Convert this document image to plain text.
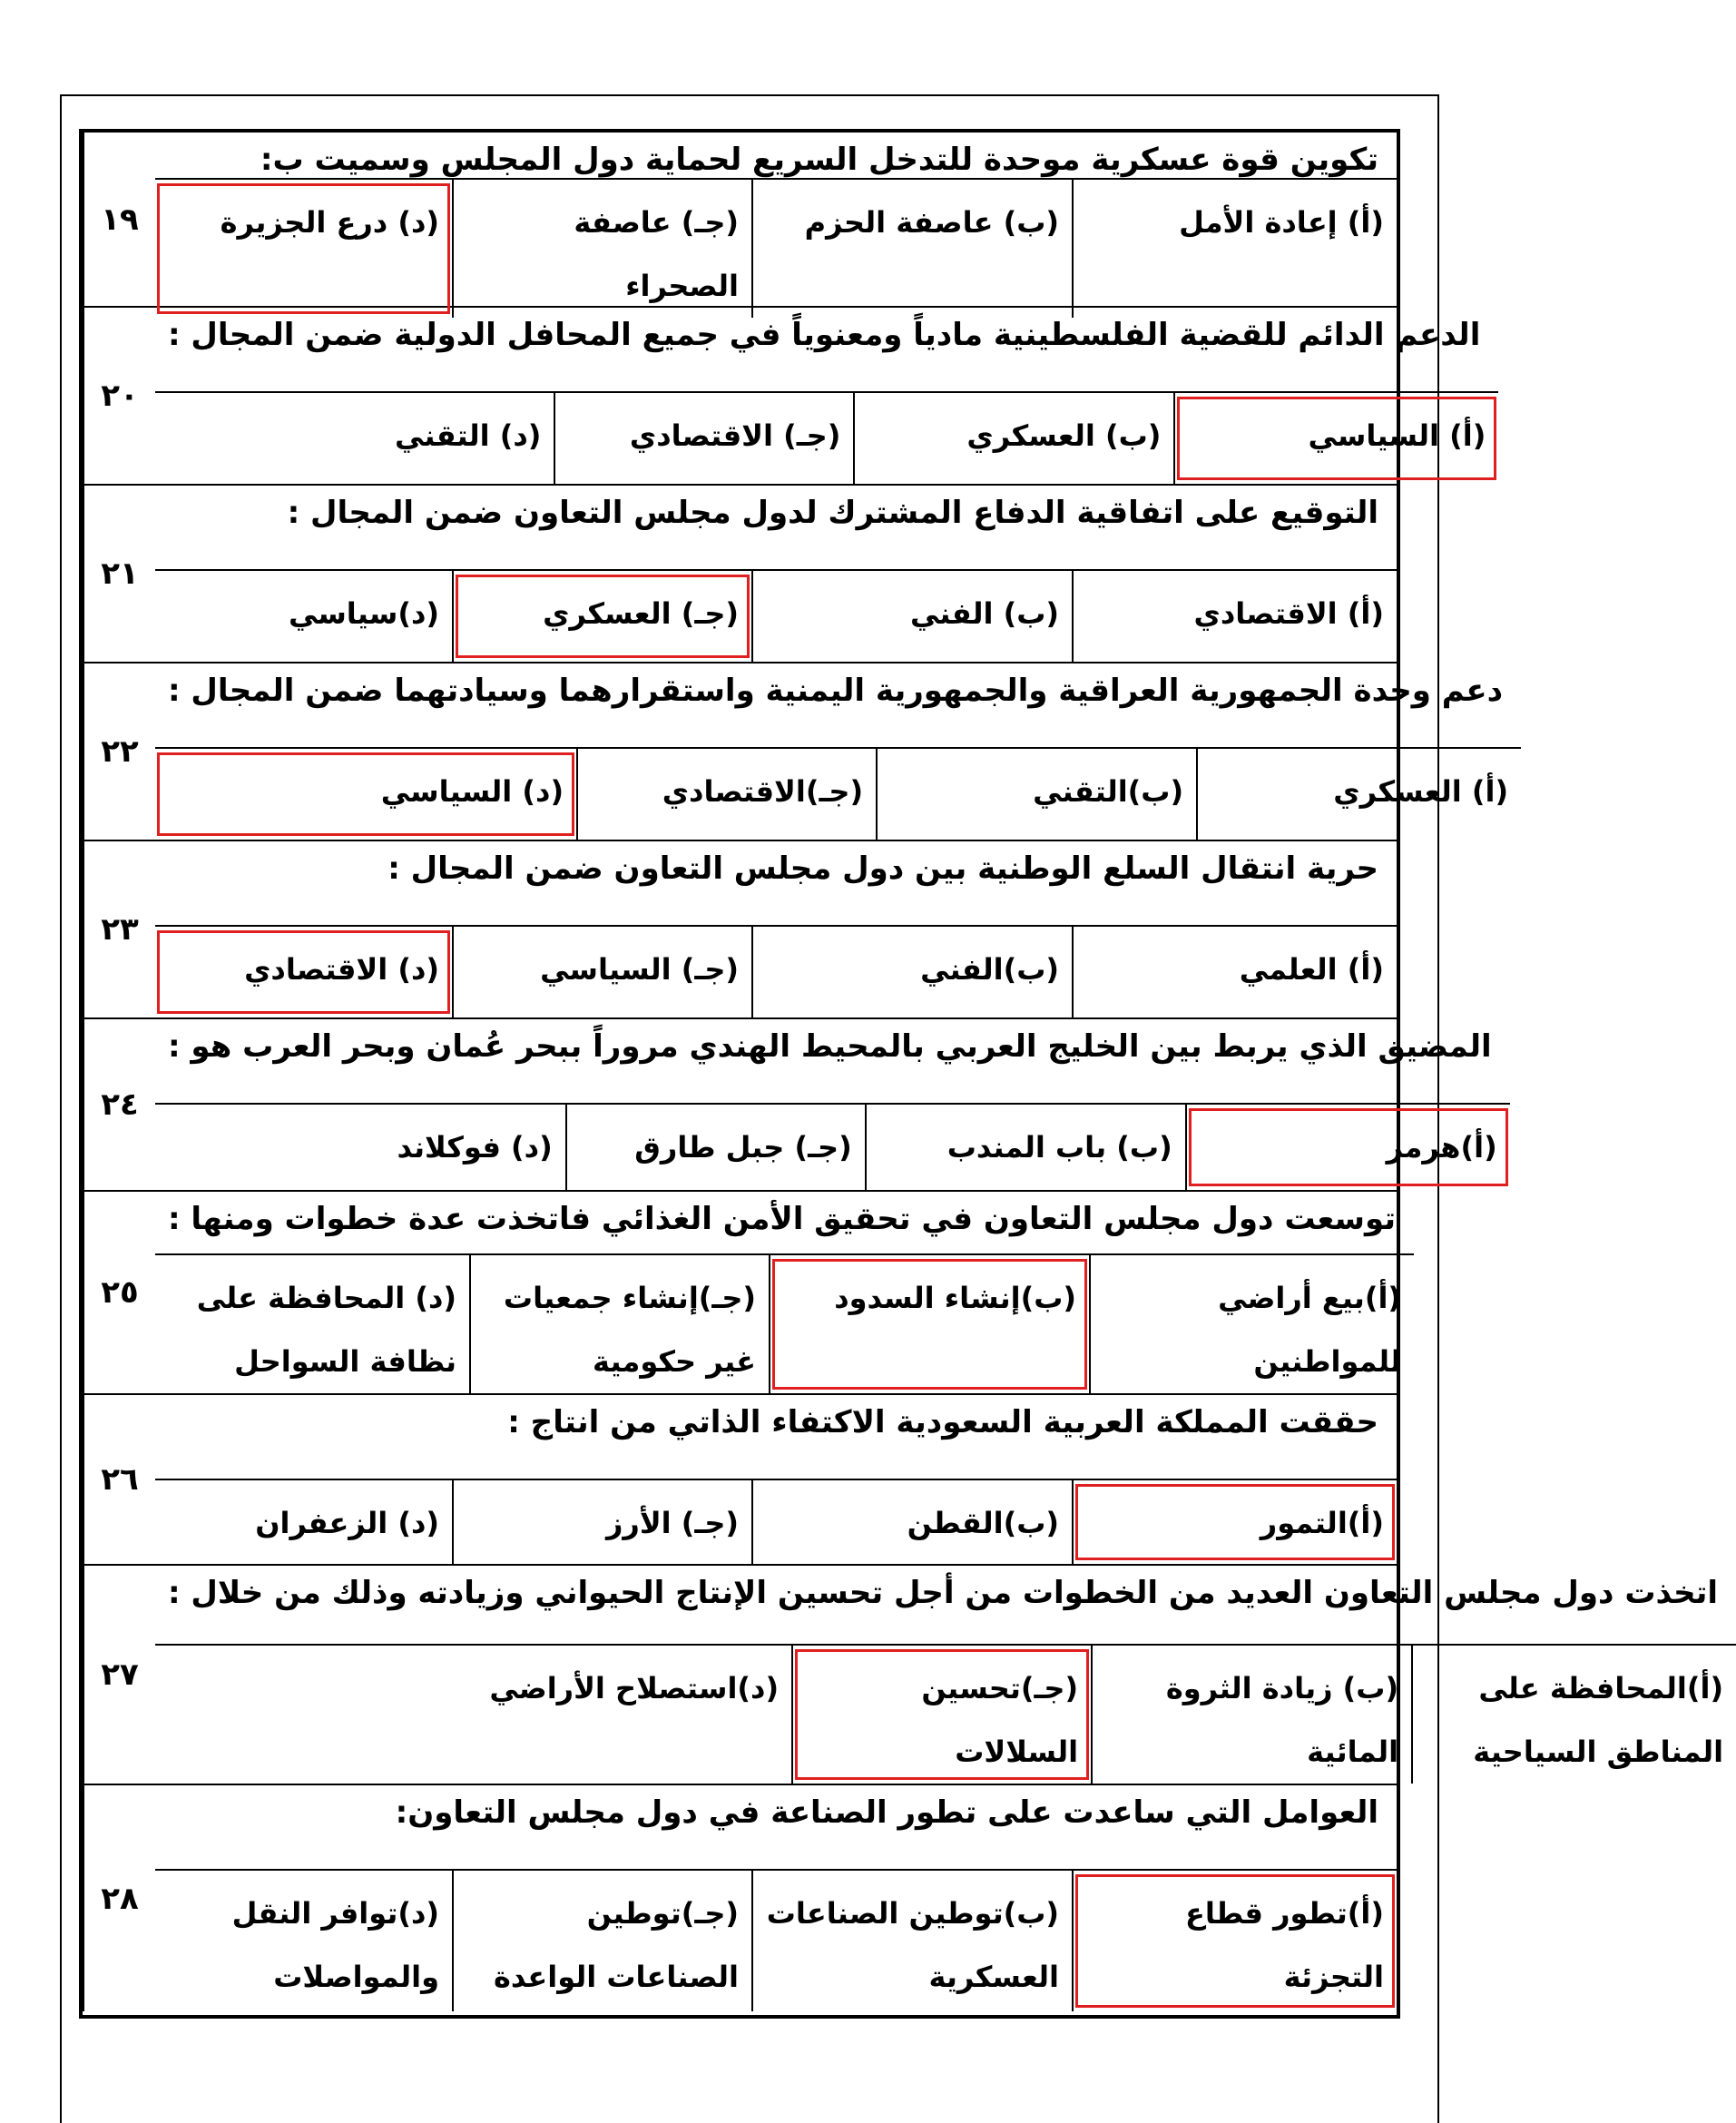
١٩
تكوين قوة عسكرية موحدة للتدخل السريع لحماية دول المجلس وسميت ب:
(أ) إعادة الأمل
(ب) عاصفة الحزم
(جـ) عاصفة الصحراء
(د) درع الجزيرة
٢٠
الدعم الدائم للقضية الفلسطينية مادياً ومعنوياً في جميع المحافل الدولية ضمن المجال :
(أ) السياسي
(ب) العسكري
(جـ) الاقتصادي
(د) التقني
٢١
التوقيع على اتفاقية الدفاع المشترك لدول مجلس التعاون ضمن المجال :
(أ) الاقتصادي
(ب) الفني
(جـ) العسكري
(د)سياسي
٢٢
دعم وحدة الجمهورية العراقية والجمهورية اليمنية واستقرارهما وسيادتهما ضمن المجال :
(أ) العسكري
(ب)التقني
(جـ)الاقتصادي
(د) السياسي
٢٣
حرية انتقال السلع الوطنية بين دول مجلس التعاون ضمن المجال :
(أ) العلمي
(ب)الفني
(جـ) السياسي
(د) الاقتصادي
٢٤
المضيق الذي يربط بين الخليج العربي بالمحيط الهندي مروراً ببحر عُمان وبحر العرب هو :
(أ)هرمز
(ب) باب المندب
(جـ) جبل طارق
(د) فوكلاند
٢٥
توسعت دول مجلس التعاون في تحقيق الأمن الغذائي فاتخذت عدة خطوات ومنها :
(أ)بيع أراضي للمواطنين
(ب)إنشاء السدود
(جـ)إنشاء جمعيات غير حكومية
(د) المحافظة على نظافة السواحل
٢٦
حققت المملكة العربية السعودية الاكتفاء الذاتي من انتاج :
(أ)التمور
(ب)القطن
(جـ) الأرز
(د) الزعفران
٢٧
اتخذت دول مجلس التعاون العديد من الخطوات من أجل تحسين الإنتاج الحيواني وزيادته وذلك من خلال :
(أ)المحافظة على المناطق السياحية
(ب) زيادة الثروة المائية
(جـ)تحسين السلالات
(د)استصلاح الأراضي
٢٨
العوامل التي ساعدت على تطور الصناعة في دول مجلس التعاون:
(أ)تطور قطاع التجزئة
(ب)توطين الصناعات العسكرية
(جـ)توطين الصناعات الواعدة
(د)توافر النقل والمواصلات
